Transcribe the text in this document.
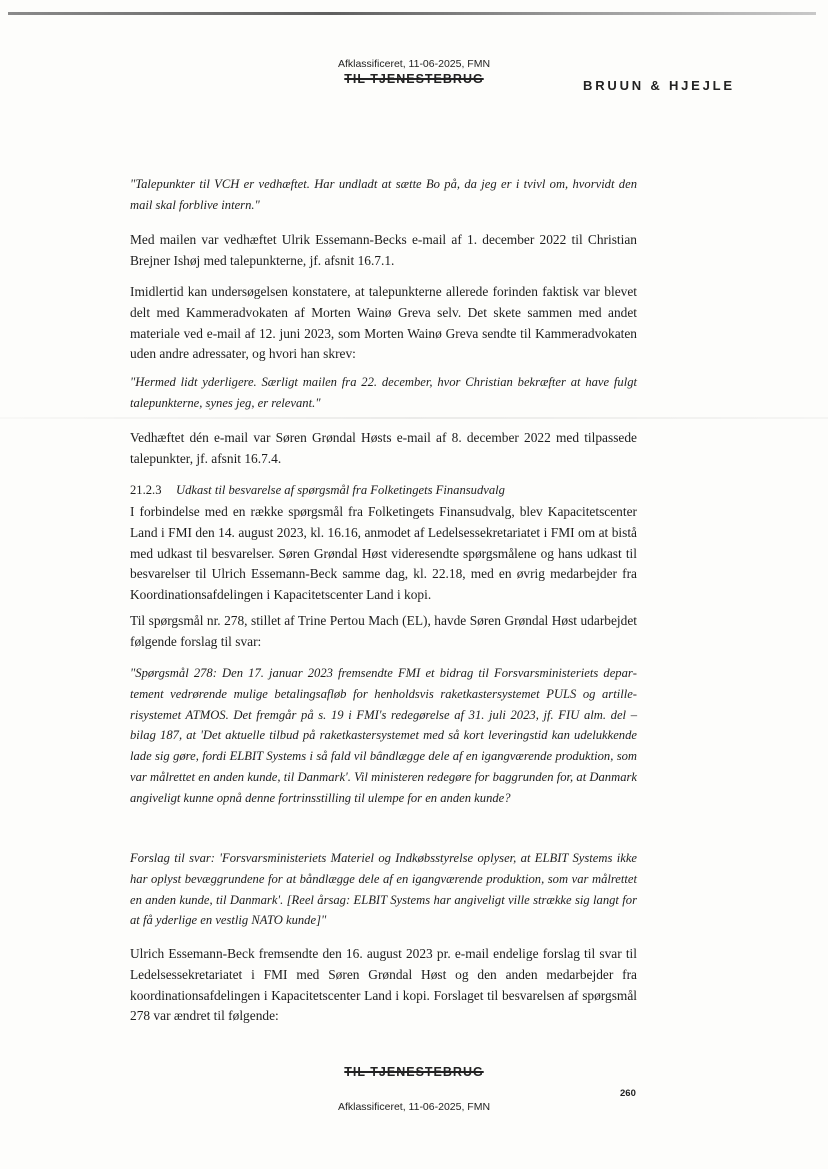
Afklassificeret, 11-06-2025, FMN
TIL TJENESTEBRUG	BRUUN & HJEJLE

"Talepunkter til VCH er vedhæftet. Har undladt at sætte Bo på, da jeg er i tvivl om, hvorvidt den mail skal forblive intern."

Med mailen var vedhæftet Ulrik Essemann-Becks e-mail af 1. december 2022 til Christian Brejner Ishøj med talepunkterne, jf. afsnit 16.7.1.

Imidlertid kan undersøgelsen konstatere, at talepunkterne allerede forinden faktisk var blevet delt med Kammeradvokaten af Morten Wainø Greva selv. Det skete sammen med andet materiale ved e-mail af 12. juni 2023, som Morten Wainø Greva sendte til Kammeradvokaten uden andre adressater, og hvori han skrev:

"Hermed lidt yderligere. Særligt mailen fra 22. december, hvor Christian bekræfter at have fulgt talepunkterne, synes jeg, er relevant."

Vedhæftet dén e-mail var Søren Grøndal Høsts e-mail af 8. december 2022 med tilpassede talepunkter, jf. afsnit 16.7.4.

21.2.3 Udkast til besvarelse af spørgsmål fra Folketingets Finansudvalg

I forbindelse med en række spørgsmål fra Folketingets Finansudvalg, blev Kapacitetscenter Land i FMI den 14. august 2023, kl. 16.16, anmodet af Ledelsessekretariatet i FMI om at bistå med udkast til besvarelser. Søren Grøndal Høst videresendte spørgsmålene og hans udkast til besvarelser til Ulrich Essemann-Beck samme dag, kl. 22.18, med en øvrig medarbejder fra Koordinationsafdelingen i Kapacitetscenter Land i kopi.

Til spørgsmål nr. 278, stillet af Trine Pertou Mach (EL), havde Søren Grøndal Høst udarbejdet følgende forslag til svar:

"Spørgsmål 278: Den 17. januar 2023 fremsendte FMI et bidrag til Forsvarsministeriets departement vedrørende mulige betalingsafløb for henholdsvis raketkastersystemet PULS og artillerisystemet ATMOS. Det fremgår på s. 19 i FMI's redegørelse af 31. juli 2023, jf. FIU alm. del – bilag 187, at 'Det aktuelle tilbud på raketkastersystemet med så kort leveringstid kan udelukkende lade sig gøre, fordi ELBIT Systems i så fald vil bândlægge dele af en igangværende produktion, som var målrettet en anden kunde, til Danmark'. Vil ministeren redegøre for baggrunden for, at Danmark angiveligt kunne opnå denne fortrinsstilling til ulempe for en anden kunde?

Forslag til svar: 'Forsvarsministeriets Materiel og Indkøbsstyrelse oplyser, at ELBIT Systems ikke har oplyst bevæggrundene for at båndlægge dele af en igangværende produktion, som var målrettet en anden kunde, til Danmark'. [Reel årsag: ELBIT Systems har angiveligt ville strække sig langt for at få yderlige en vestlig NATO kunde]"

Ulrich Essemann-Beck fremsendte den 16. august 2023 pr. e-mail endelige forslag til svar til Ledelsessekretariatet i FMI med Søren Grøndal Høst og den anden medarbejder fra koordinationsafdelingen i Kapacitetscenter Land i kopi. Forslaget til besvarelsen af spørgsmål 278 var ændret til følgende:

TIL TJENESTEBRUG
260
Afklassificeret, 11-06-2025, FMN
